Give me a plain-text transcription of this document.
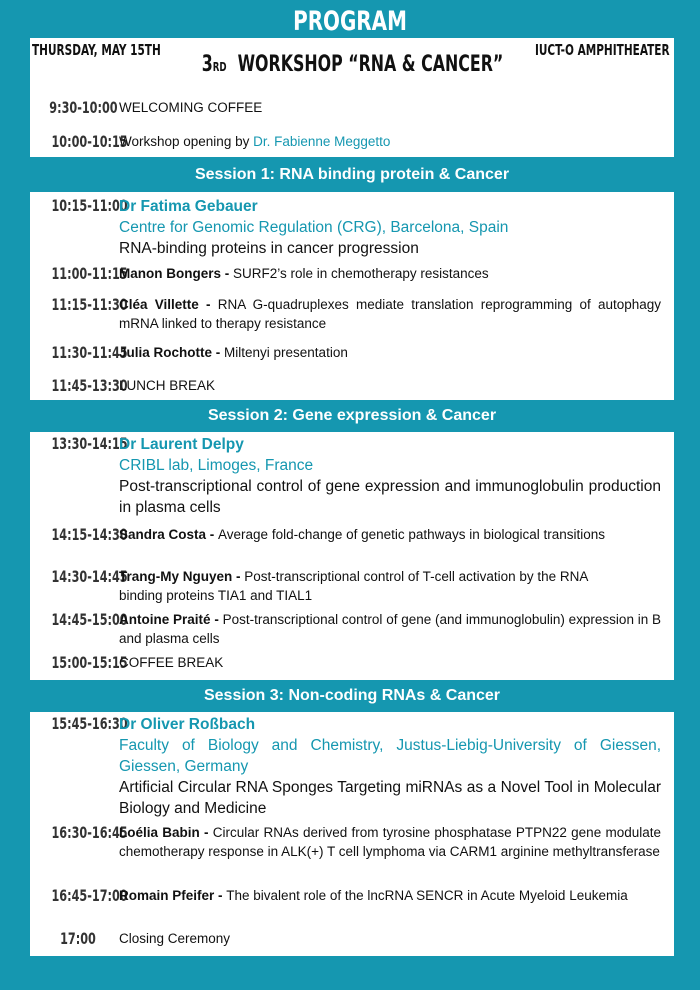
PROGRAM
THURSDAY, MAY 15TH	IUCT-O AMPHITHEATER
3RD WORKSHOP “RNA & CANCER”
9:30-10:00 WELCOMING COFFEE
10:00-10:15
Workshop opening by Dr. Fabienne Meggetto
Session 1: RNA binding protein & Cancer
10:15-11:00
Dr Fatima Gebauer
Centre for Genomic Regulation (CRG), Barcelona, Spain
RNA-binding proteins in cancer progression
11:00-11:15
Manon Bongers - SURF2’s role in chemotherapy resistances
11:15-11:30
Cléa Villette - RNA G-quadruplexes mediate translation reprogramming of autophagy mRNA linked to therapy resistance
11:30-11:45
Julia Rochotte - Miltenyi presentation
11:45-13:30
LUNCH BREAK
Session 2: Gene expression & Cancer
13:30-14:15
Dr Laurent Delpy
CRIBL lab, Limoges, France
Post-transcriptional control of gene expression and immunoglobulin production in plasma cells
14:15-14:30
Sandra Costa - Average fold-change of genetic pathways in biological transitions
14:30-14:45
Trang-My Nguyen - Post-transcriptional control of T-cell activation by the RNA binding proteins TIA1 and TIAL1
14:45-15:00
Antoine Praité - Post-transcriptional control of gene (and immunoglobulin) expression in B and plasma cells
15:00-15:15
COFFEE BREAK
Session 3: Non-coding RNAs & Cancer
15:45-16:30
Dr Oliver Roßbach
Faculty of Biology and Chemistry, Justus-Liebig-University of Giessen, Giessen, Germany
Artificial Circular RNA Sponges Targeting miRNAs as a Novel Tool in Molecular Biology and Medicine
16:30-16:45
Loélia Babin - Circular RNAs derived from tyrosine phosphatase PTPN22 gene modulate chemotherapy response in ALK(+) T cell lymphoma via CARM1 arginine methyltransferase
16:45-17:00
Romain Pfeifer - The bivalent role of the lncRNA SENCR in Acute Myeloid Leukemia
17:00 Closing Ceremony
